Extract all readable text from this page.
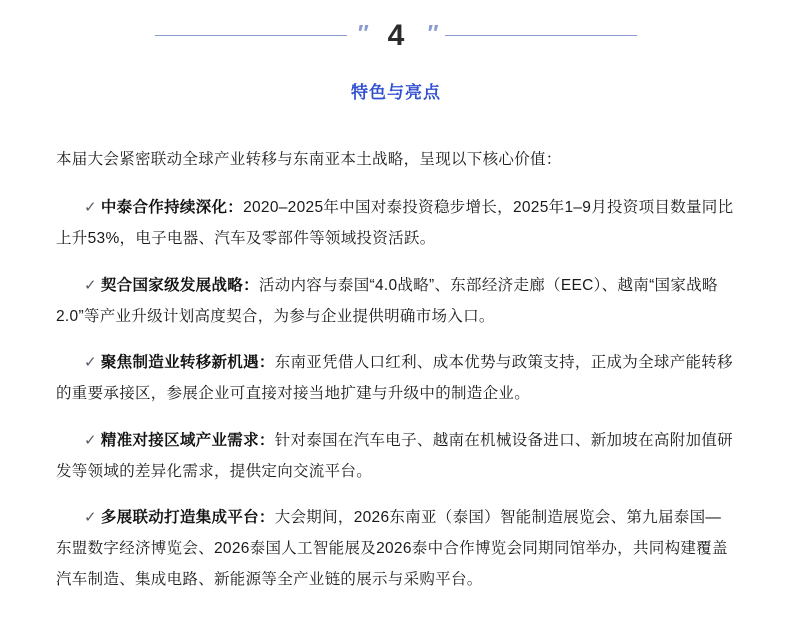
″ 4 ″
特色与亮点

本届大会紧密联动全球产业转移与东南亚本土战略，呈现以下核心价值：

✓ 中泰合作持续深化：2020–2025年中国对泰投资稳步增长，2025年1–9月投资项目数量同比上升53%，电子电器、汽车及零部件等领域投资活跃。

✓ 契合国家级发展战略：活动内容与泰国“4.0战略”、东部经济走廊（EEC）、越南“国家战略2.0”等产业升级计划高度契合，为参与企业提供明确市场入口。

✓ 聚焦制造业转移新机遇：东南亚凭借人口红利、成本优势与政策支持，正成为全球产能转移的重要承接区，参展企业可直接对接当地扩建与升级中的制造企业。

✓ 精准对接区域产业需求：针对泰国在汽车电子、越南在机械设备进口、新加坡在高附加值研发等领域的差异化需求，提供定向交流平台。

✓ 多展联动打造集成平台：大会期间，2026东南亚（泰国）智能制造展览会、第九届泰国—东盟数字经济博览会、2026泰国人工智能展及2026泰中合作博览会同期同馆举办，共同构建覆盖汽车制造、集成电路、新能源等全产业链的展示与采购平台。
